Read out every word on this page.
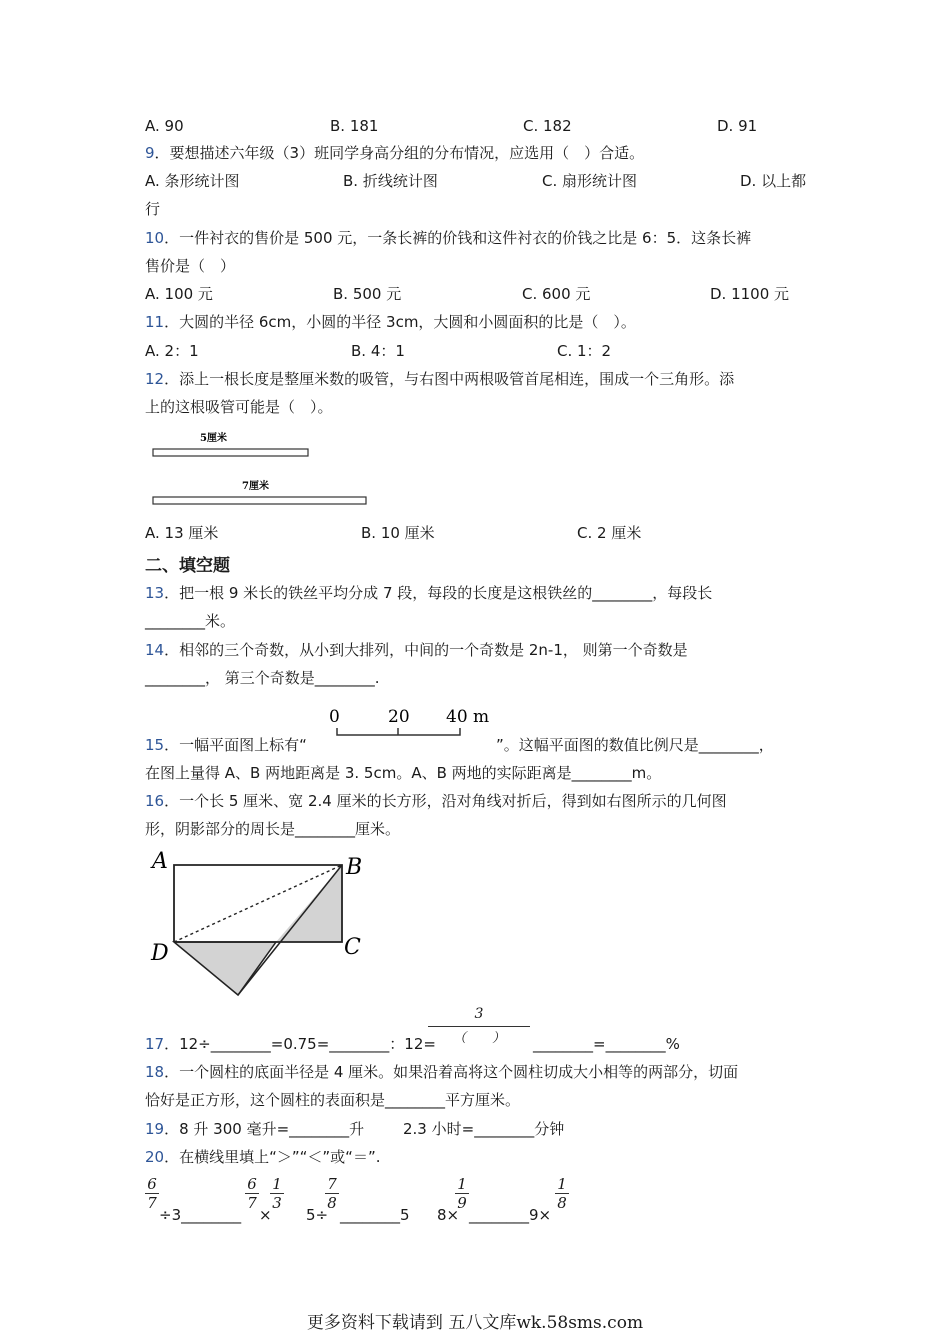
A. 90	B. 181	C. 182	D. 91
9．要想描述六年级（3）班同学身高分组的分布情况，应选用（　）合适。
A. 条形统计图	B. 折线统计图	C. 扇形统计图	D. 以上都
行
10．一件衬衣的售价是 500 元，一条长裤的价钱和这件衬衣的价钱之比是 6：5．这条长裤
售价是（　）
A. 100 元	B. 500 元	C. 600 元	D. 1100 元
11．大圆的半径 6cm，小圆的半径 3cm，大圆和小圆面积的比是（　）。
A. 2：1	B. 4：1	C. 1：2
12．添上一根长度是整厘米数的吸管，与右图中两根吸管首尾相连，围成一个三角形。添
上的这根吸管可能是（　）。
5厘米
7厘米
A. 13 厘米	B. 10 厘米	C. 2 厘米
二、填空题
13．把一根 9 米长的铁丝平均分成 7 段，每段的长度是这根铁丝的________，每段长
________米。
14．相邻的三个奇数，从小到大排列，中间的一个奇数是 2n-1， 则第一个奇数是
________， 第三个奇数是________.
0	20 40 m
15．一幅平面图上标有“	”。这幅平面图的数值比例尺是________，
在图上量得 A、B 两地距离是 3. 5cm。A、B 两地的实际距离是________m。
16．一个长 5 厘米、宽 2.4 厘米的长方形，沿对角线对折后，得到如右图所示的几何图
形，阴影部分的周长是________厘米。
A	B
C
D
3
（　　）
17．12÷________=0.75=________：12=	________=________%
18．一个圆柱的底面半径是 4 厘米。如果沿着高将这个圆柱切成大小相等的两部分，切面
恰好是正方形，这个圆柱的表面积是________平方厘米。
19．8 升 300 毫升=________升	2.3 小时=________分钟
20．在横线里填上“＞”“＜”或“＝”.
6
7
÷3________
6
7
×
1
3
5÷
7
8
________5 8×
1
9
________9×
1
8
更多资料下载请到 五八文库wk.58sms.com
